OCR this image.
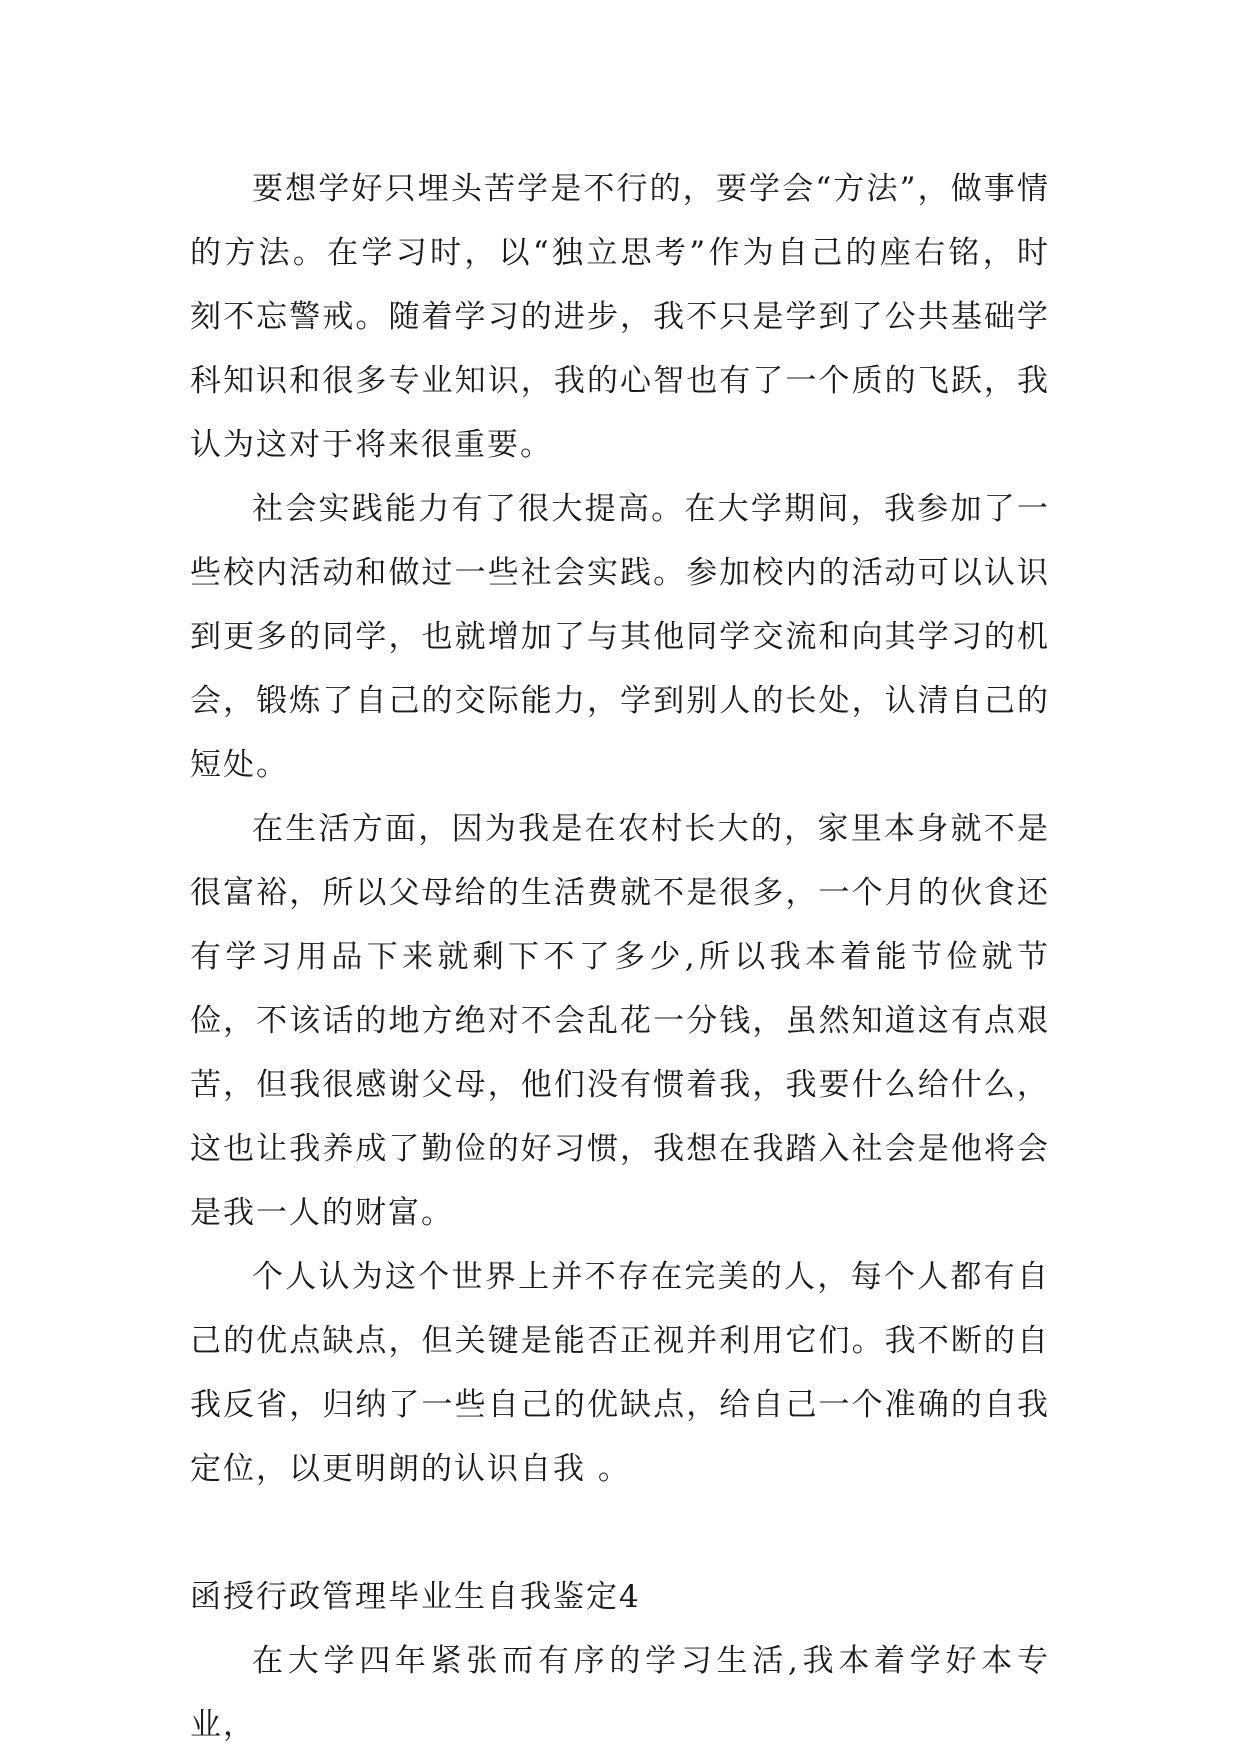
要想学好只埋头苦学是不行的，要学会“方法”，做事情的方法。在学习时，以“独立思考”作为自己的座右铭，时刻不忘警戒。随着学习的进步，我不只是学到了公共基础学科知识和很多专业知识，我的心智也有了一个质的飞跃，我认为这对于将来很重要。

社会实践能力有了很大提高。在大学期间，我参加了一些校内活动和做过一些社会实践。参加校内的活动可以认识到更多的同学，也就增加了与其他同学交流和向其学习的机会，锻炼了自己的交际能力，学到别人的长处，认清自己的短处。

在生活方面，因为我是在农村长大的，家里本身就不是很富裕，所以父母给的生活费就不是很多，一个月的伙食还有学习用品下来就剩下不了多少,所以我本着能节俭就节俭，不该话的地方绝对不会乱花一分钱，虽然知道这有点艰苦，但我很感谢父母，他们没有惯着我，我要什么给什么，这也让我养成了勤俭的好习惯，我想在我踏入社会是他将会是我一人的财富。

个人认为这个世界上并不存在完美的人，每个人都有自己的优点缺点，但关键是能否正视并利用它们。我不断的自我反省，归纳了一些自己的优缺点，给自己一个准确的自我定位，以更明朗的认识自我 。

函授行政管理毕业生自我鉴定4

在大学四年紧张而有序的学习生活,我本着学好本专业，
